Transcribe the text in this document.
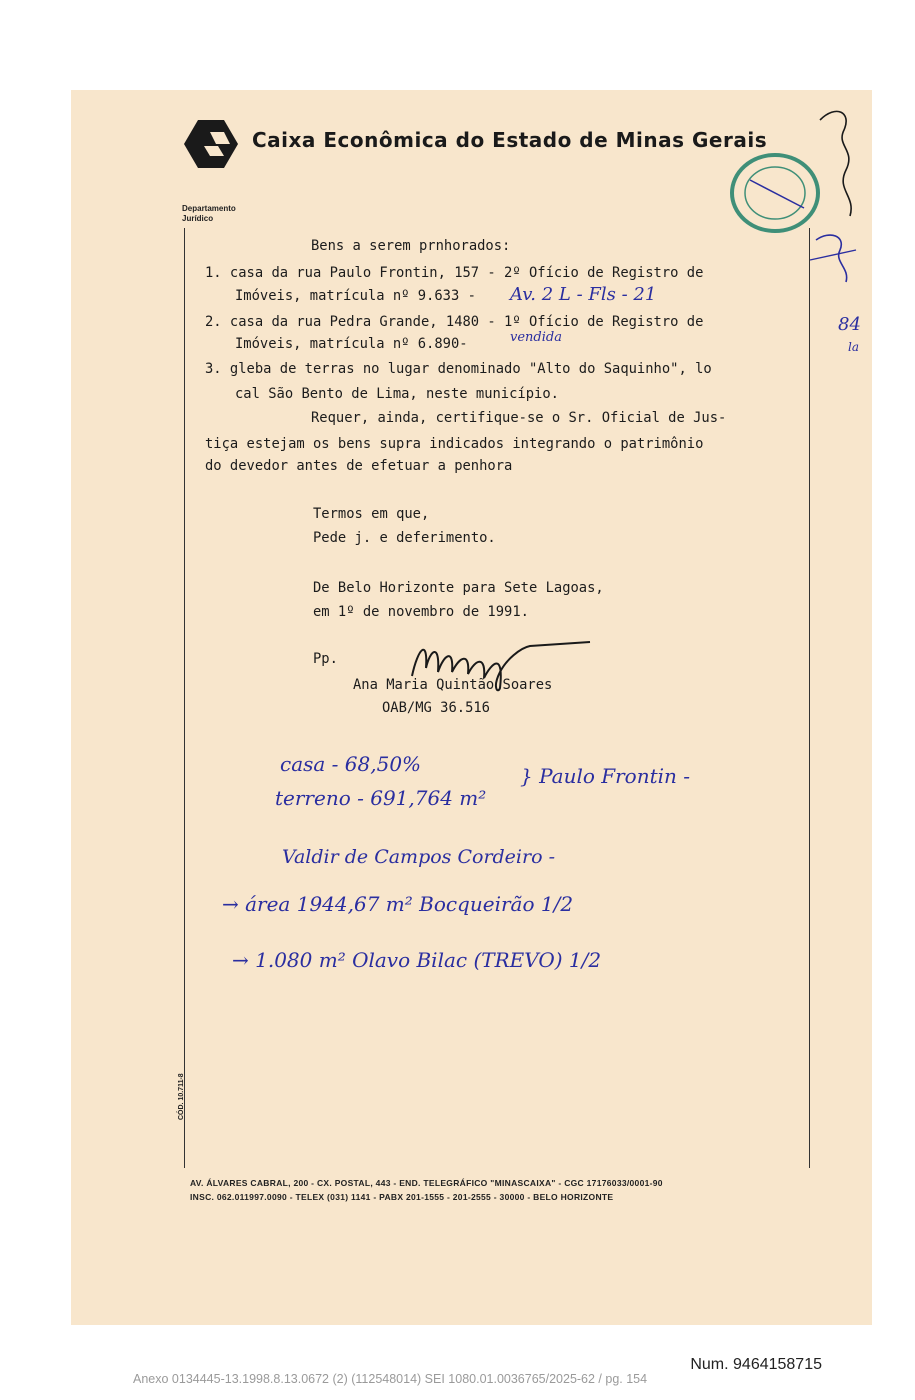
Caixa Econômica do Estado de Minas Gerais
Departamento
Jurídico
CÓD. 10.711-8
Bens a serem prnhorados:
1. casa da rua Paulo Frontin, 157 - 2º Ofício de Registro de
Imóveis, matrícula nº 9.633 -
2. casa da rua Pedra Grande, 1480 - 1º Ofício de Registro de
Imóveis, matrícula nº 6.890-
3. gleba de terras no lugar denominado "Alto do Saquinho", lo
cal São Bento de Lima, neste município.
Requer, ainda, certifique-se o Sr. Oficial de Jus-
tiça estejam os bens supra indicados integrando o patrimônio
do devedor antes de efetuar a penhora
Termos em que,
Pede j. e deferimento.
De Belo Horizonte para Sete Lagoas,
em 1º de novembro de 1991.
Pp.
Ana Maria Quintão Soares
OAB/MG 36.516
Av. 2 L - Fls - 21
vendida
84
la
casa - 68,50%
terreno - 691,764 m²
} Paulo Frontin -
Valdir de Campos Cordeiro -
→ área 1944,67 m² Bocqueirão 1/2
→ 1.080 m² Olavo Bilac (TREVO) 1/2
AV. ÁLVARES CABRAL, 200 - CX. POSTAL, 443 - END. TELEGRÁFICO "MINASCAIXA" - CGC 17176033/0001-90
INSC. 062.011997.0090 - TELEX (031) 1141 - PABX 201-1555 - 201-2555 - 30000 - BELO HORIZONTE
Num. 9464158715
Anexo 0134445-13.1998.8.13.0672 (2) (112548014) SEI 1080.01.0036765/2025-62 / pg. 154
